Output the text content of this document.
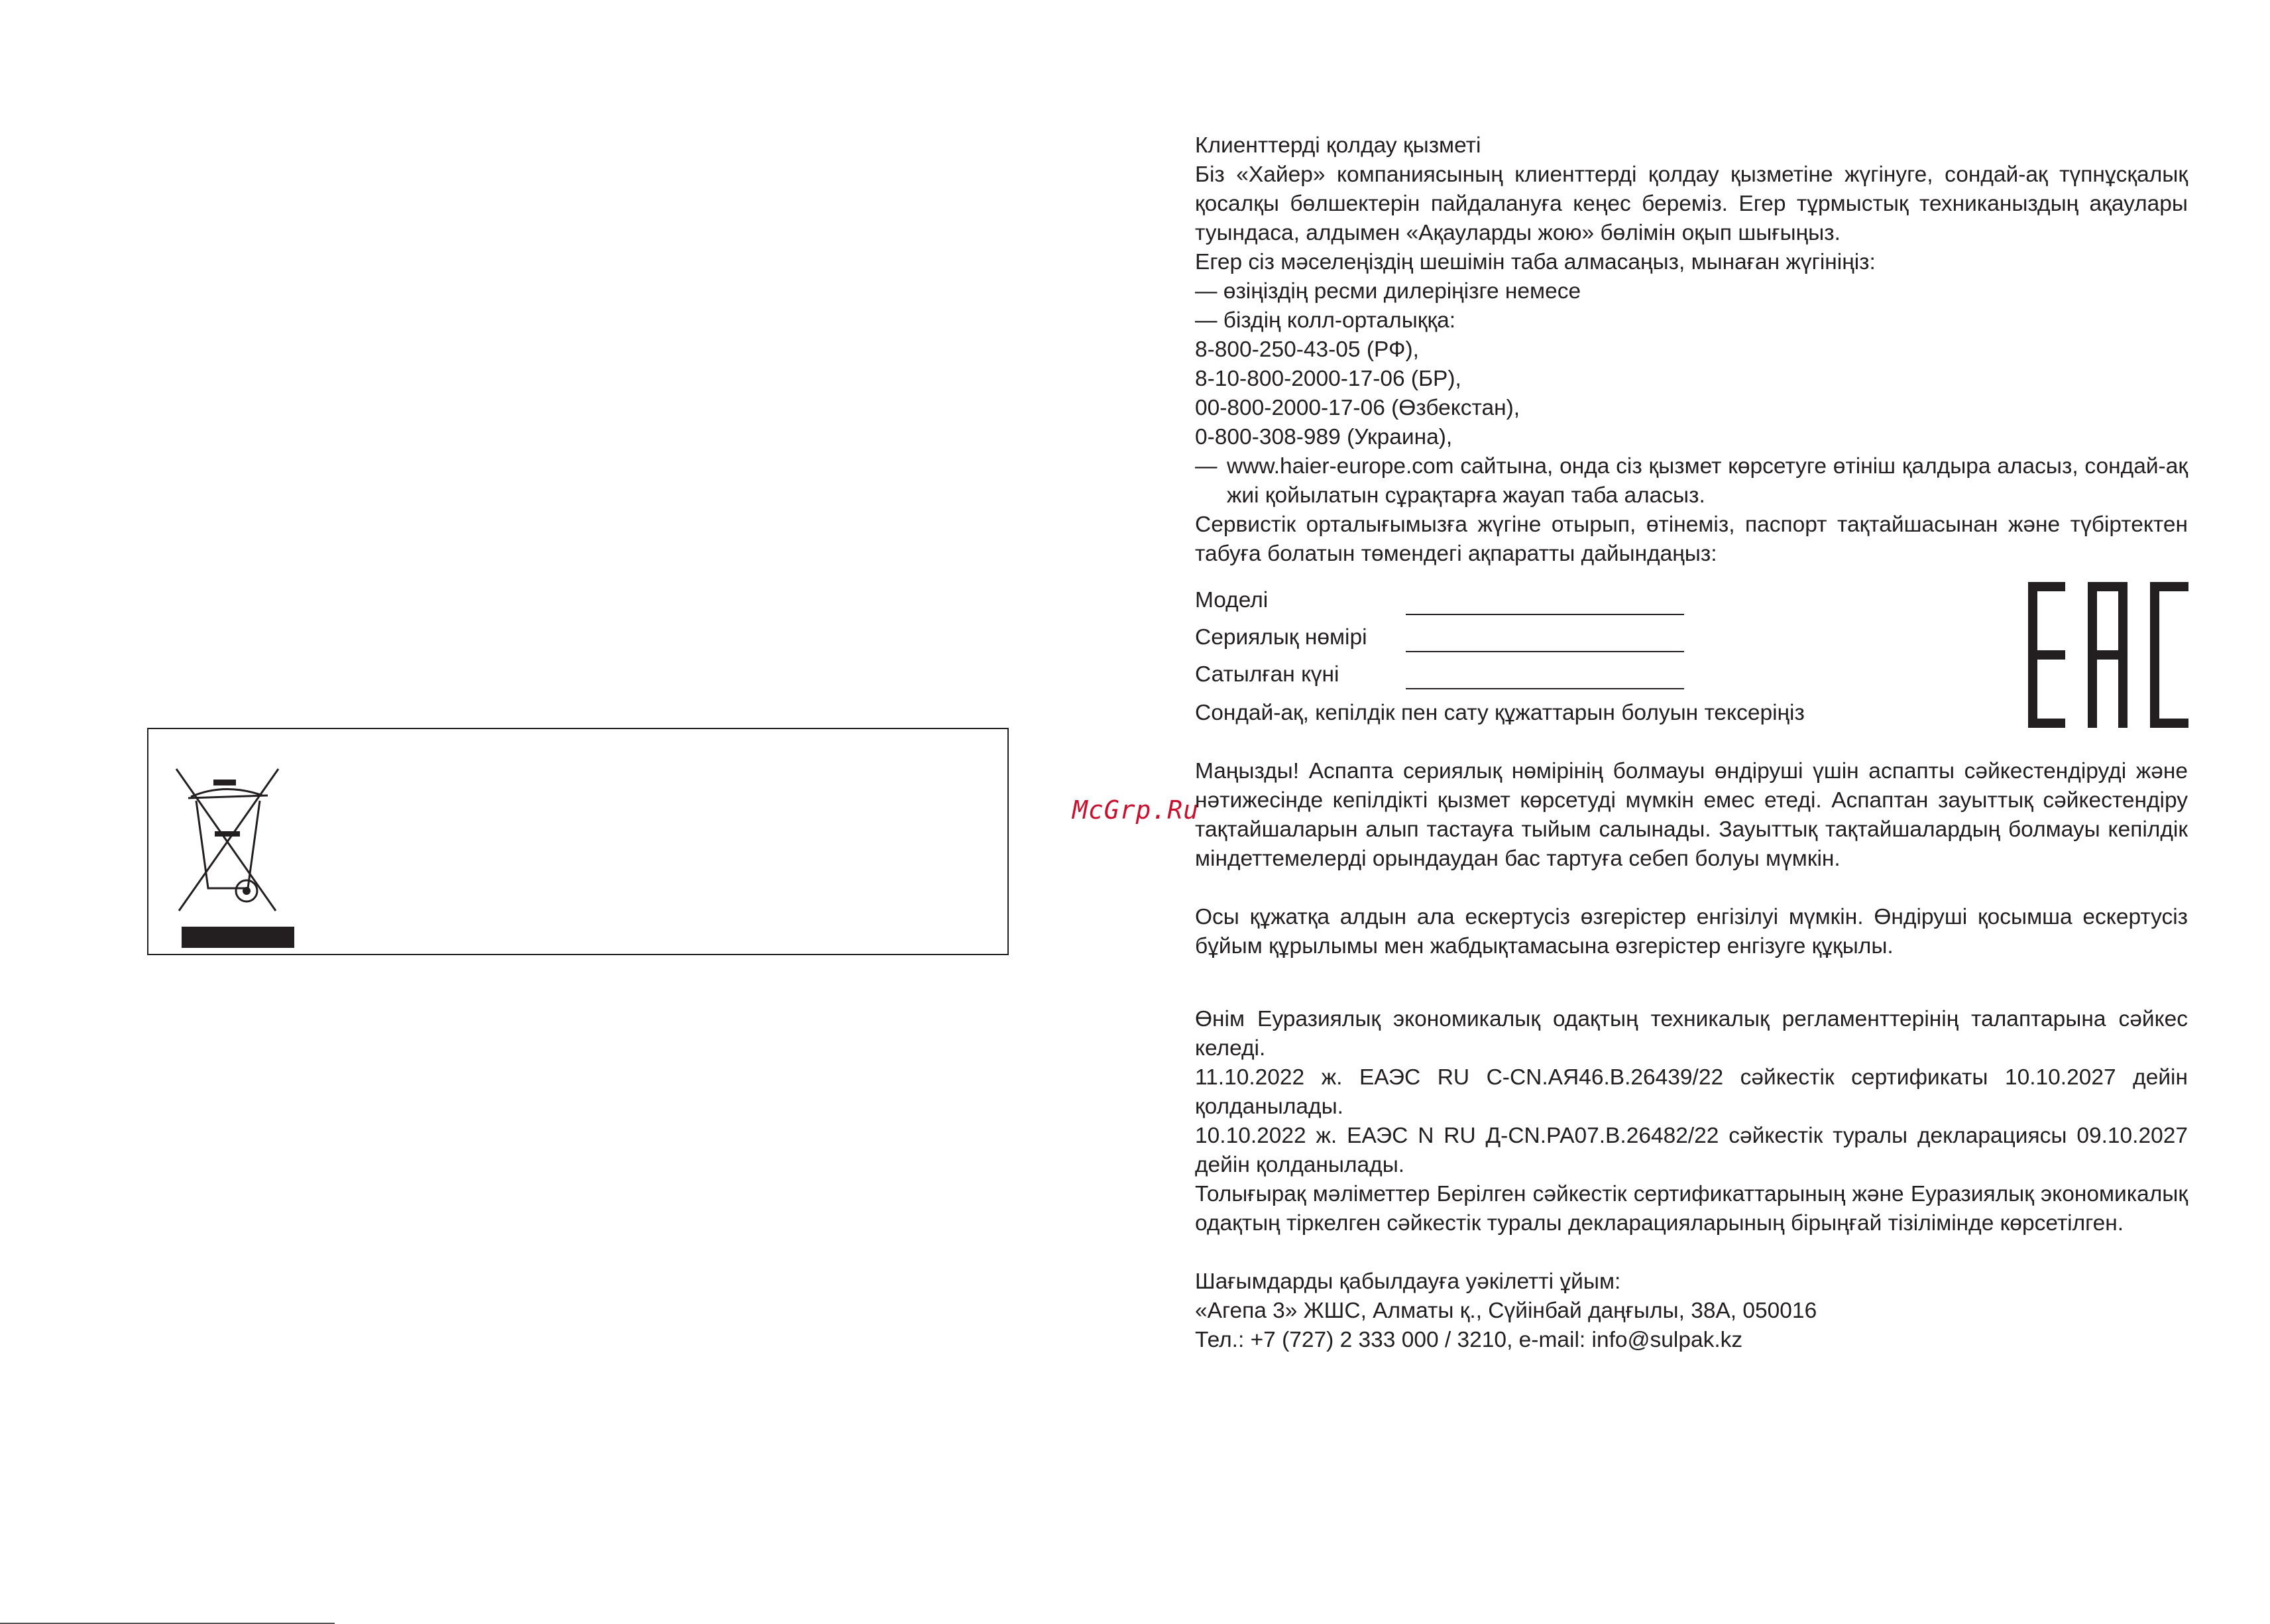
McGrp.Ru

Клиенттерді қолдау қызметі

Біз «Хайер» компаниясының клиенттерді қолдау қызметіне жүгінуге, сондай-ақ түпнұсқалық қосалқы бөлшектерін пайдалануға кеңес береміз. Егер тұрмыстық техниканыздың ақаулары туындаса, алдымен «Ақауларды жою» бөлімін оқып шығыңыз.

Егер сіз мәселеңіздің шешімін таба алмасаңыз, мынаған жүгініңіз:

— өзіңіздің ресми дилеріңізге немесе

— біздің колл-орталыққа:

8-800-250-43-05 (РФ),

8-10-800-2000-17-06 (БР),

00-800-2000-17-06 (Өзбекстан),

0-800-308-989 (Украина),

— www.haier-europe.com сайтына, онда сіз қызмет көрсетуге өтініш қалдыра аласыз, сондай-ақ жиі қойылатын сұрақтарға жауап таба аласыз.

Сервистік орталығымызға жүгіне отырып, өтінеміз, паспорт тақтайшасынан және түбіртектен табуға болатын төмендегі ақпаратты дайындаңыз:

Моделі
Сериялық нөмірі
Сатылған күні

Сондай-ақ, кепілдік пен сату құжаттарын болуын тексеріңіз

Маңызды! Аспапта сериялық нөмірінің болмауы өндіруші үшін аспапты сәйкестендіруді және нәтижесінде кепілдікті қызмет көрсетуді мүмкін емес етеді. Аспаптан зауыттық сәйкестендіру тақтайшаларын алып тастауға тыйым салынады. Зауыттық тақтайшалардың болмауы кепілдік міндеттемелерді орындаудан бас тартуға себеп болуы мүмкін.

Осы құжатқа алдын ала ескертусіз өзгерістер енгізілуі мүмкін. Өндіруші қосымша ескертусіз бұйым құрылымы мен жабдықтамасына өзгерістер енгізуге құқылы.

Өнім Еуразиялық экономикалық одақтың техникалық регламенттерінің талаптарына сәйкес келеді.

11.10.2022 ж. ЕАЭС RU C-CN.АЯ46.В.26439/22 сәйкестік сертификаты 10.10.2027 дейін қолданылады.

10.10.2022 ж. ЕАЭС N RU Д-CN.РА07.В.26482/22 сәйкестік туралы декларациясы 09.10.2027 дейін қолданылады.

Толығырақ мәліметтер Берілген сәйкестік сертификаттарының және Еуразиялық экономикалық одақтың тіркелген сәйкестік туралы декларацияларының бірыңғай тізілімінде көрсетілген.

Шағымдарды қабылдауға уәкілетті ұйым:

«Агепа 3» ЖШС, Алматы қ., Сүйінбай даңғылы, 38А, 050016

Тел.: +7 (727) 2 333 000 / 3210, e-mail: info@sulpak.kz
